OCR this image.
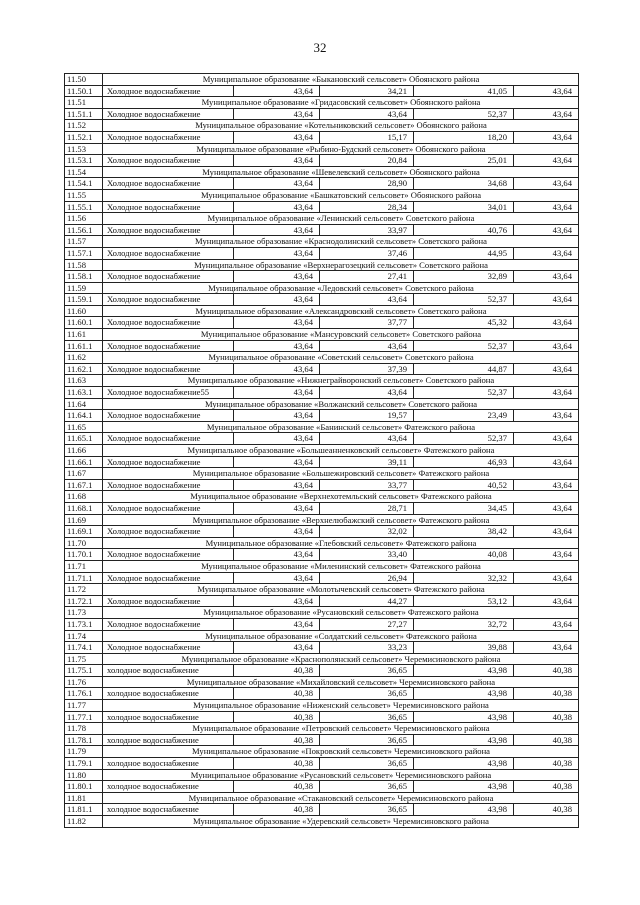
32
11.50	Муниципальное образование «Быкановский сельсовет» Обоянского района
11.50.1	Холодное водоснабжение	43,64	34,21	41,05	43,64
11.51	Муниципальное образование «Гридасовский сельсовет» Обоянского района
11.51.1	Холодное водоснабжение	43,64	43,64	52,37	43,64
11.52	Муниципальное образование «Котельниковский сельсовет» Обоянского района
11.52.1	Холодное водоснабжение	43,64	15,17	18,20	43,64
11.53	Муниципальное образование «Рыбино-Будский сельсовет» Обоянского района
11.53.1	Холодное водоснабжение	43,64	20,84	25,01	43,64
11.54	Муниципальное образование «Шевелевский сельсовет» Обоянского района
11.54.1	Холодное водоснабжение	43,64	28,90	34,68	43,64
11.55	Муниципальное образование «Башкатовский сельсовет» Обоянского района
11.55.1	Холодное водоснабжение	43,64	28,34	34,01	43,64
11.56	Муниципальное образование «Ленинский сельсовет» Советского района
11.56.1	Холодное водоснабжение	43,64	33,97	40,76	43,64
11.57	Муниципальное образование «Краснодолинский сельсовет» Советского района
11.57.1	Холодное водоснабжение	43,64	37,46	44,95	43,64
11.58	Муниципальное образование «Верхнерагозецкий сельсовет» Советского района
11.58.1	Холодное водоснабжение	43,64	27,41	32,89	43,64
11.59	Муниципальное образование «Ледовский сельсовет» Советского района
11.59.1	Холодное водоснабжение	43,64	43,64	52,37	43,64
11.60	Муниципальное образование «Александровский сельсовет» Советского района
11.60.1	Холодное водоснабжение	43,64	37,77	45,32	43,64
11.61	Муниципальное образование «Мансуровский сельсовет» Советского района
11.61.1	Холодное водоснабжение	43,64	43,64	52,37	43,64
11.62	Муниципальное образование «Советский сельсовет» Советского района
11.62.1	Холодное водоснабжение	43,64	37,39	44,87	43,64
11.63	Муниципальное образование «Нижнеграйворонский сельсовет» Советского района
11.63.1	Холодное водоснабжение55	43,64	43,64	52,37	43,64
11.64	Муниципальное образование «Волжанский сельсовет» Советского района
11.64.1	Холодное водоснабжение	43,64	19,57	23,49	43,64
11.65	Муниципальное образование «Банинский сельсовет» Фатежского района
11.65.1	Холодное водоснабжение	43,64	43,64	52,37	43,64
11.66	Муниципальное образование «Большеанненковский сельсовет» Фатежского района
11.66.1	Холодное водоснабжение	43,64	39,11	46,93	43,64
11.67	Муниципальное образование «Большежировский сельсовет» Фатежского района
11.67.1	Холодное водоснабжение	43,64	33,77	40,52	43,64
11.68	Муниципальное образование «Верхнехотемльский сельсовет» Фатежского района
11.68.1	Холодное водоснабжение	43,64	28,71	34,45	43,64
11.69	Муниципальное образование «Верхнелюбажский сельсовет» Фатежского района
11.69.1	Холодное водоснабжение	43,64	32,02	38,42	43,64
11.70	Муниципальное образование «Глебовский сельсовет» Фатежского района
11.70.1	Холодное водоснабжение	43,64	33,40	40,08	43,64
11.71	Муниципальное образование «Миленинский сельсовет» Фатежского района
11.71.1	Холодное водоснабжение	43,64	26,94	32,32	43,64
11.72	Муниципальное образование «Молотычевский сельсовет» Фатежского района
11.72.1	Холодное водоснабжение	43,64	44,27	53,12	43,64
11.73	Муниципальное образование «Русановский сельсовет» Фатежского района
11.73.1	Холодное водоснабжение	43,64	27,27	32,72	43,64
11.74	Муниципальное образование «Солдатский сельсовет» Фатежского района
11.74.1	Холодное водоснабжение	43,64	33,23	39,88	43,64
11.75	Муниципальное образование «Краснополянский сельсовет» Черемисиновского района
11.75.1	холодное водоснабжение	40,38	36,65	43,98	40,38
11.76	Муниципальное образование «Михайловский сельсовет» Черемисиновского района
11.76.1	холодное водоснабжение	40,38	36,65	43,98	40,38
11.77	Муниципальное образование «Ниженский сельсовет» Черемисиновского района
11.77.1	холодное водоснабжение	40,38	36,65	43,98	40,38
11.78	Муниципальное образование «Петровский сельсовет» Черемисиновского района
11.78.1	холодное водоснабжение	40,38	36,65	43,98	40,38
11.79	Муниципальное образование «Покровский сельсовет» Черемисиновского района
11.79.1	холодное водоснабжение	40,38	36,65	43,98	40,38
11.80	Муниципальное образование «Русановский сельсовет» Черемисиновского района
11.80.1	холодное водоснабжение	40,38	36,65	43,98	40,38
11.81	Муниципальное образование «Стакановский сельсовет» Черемисиновского района
11.81.1	холодное водоснабжение	40,38	36,65	43,98	40,38
11.82	Муниципальное образование «Удеревский сельсовет» Черемисиновского района
